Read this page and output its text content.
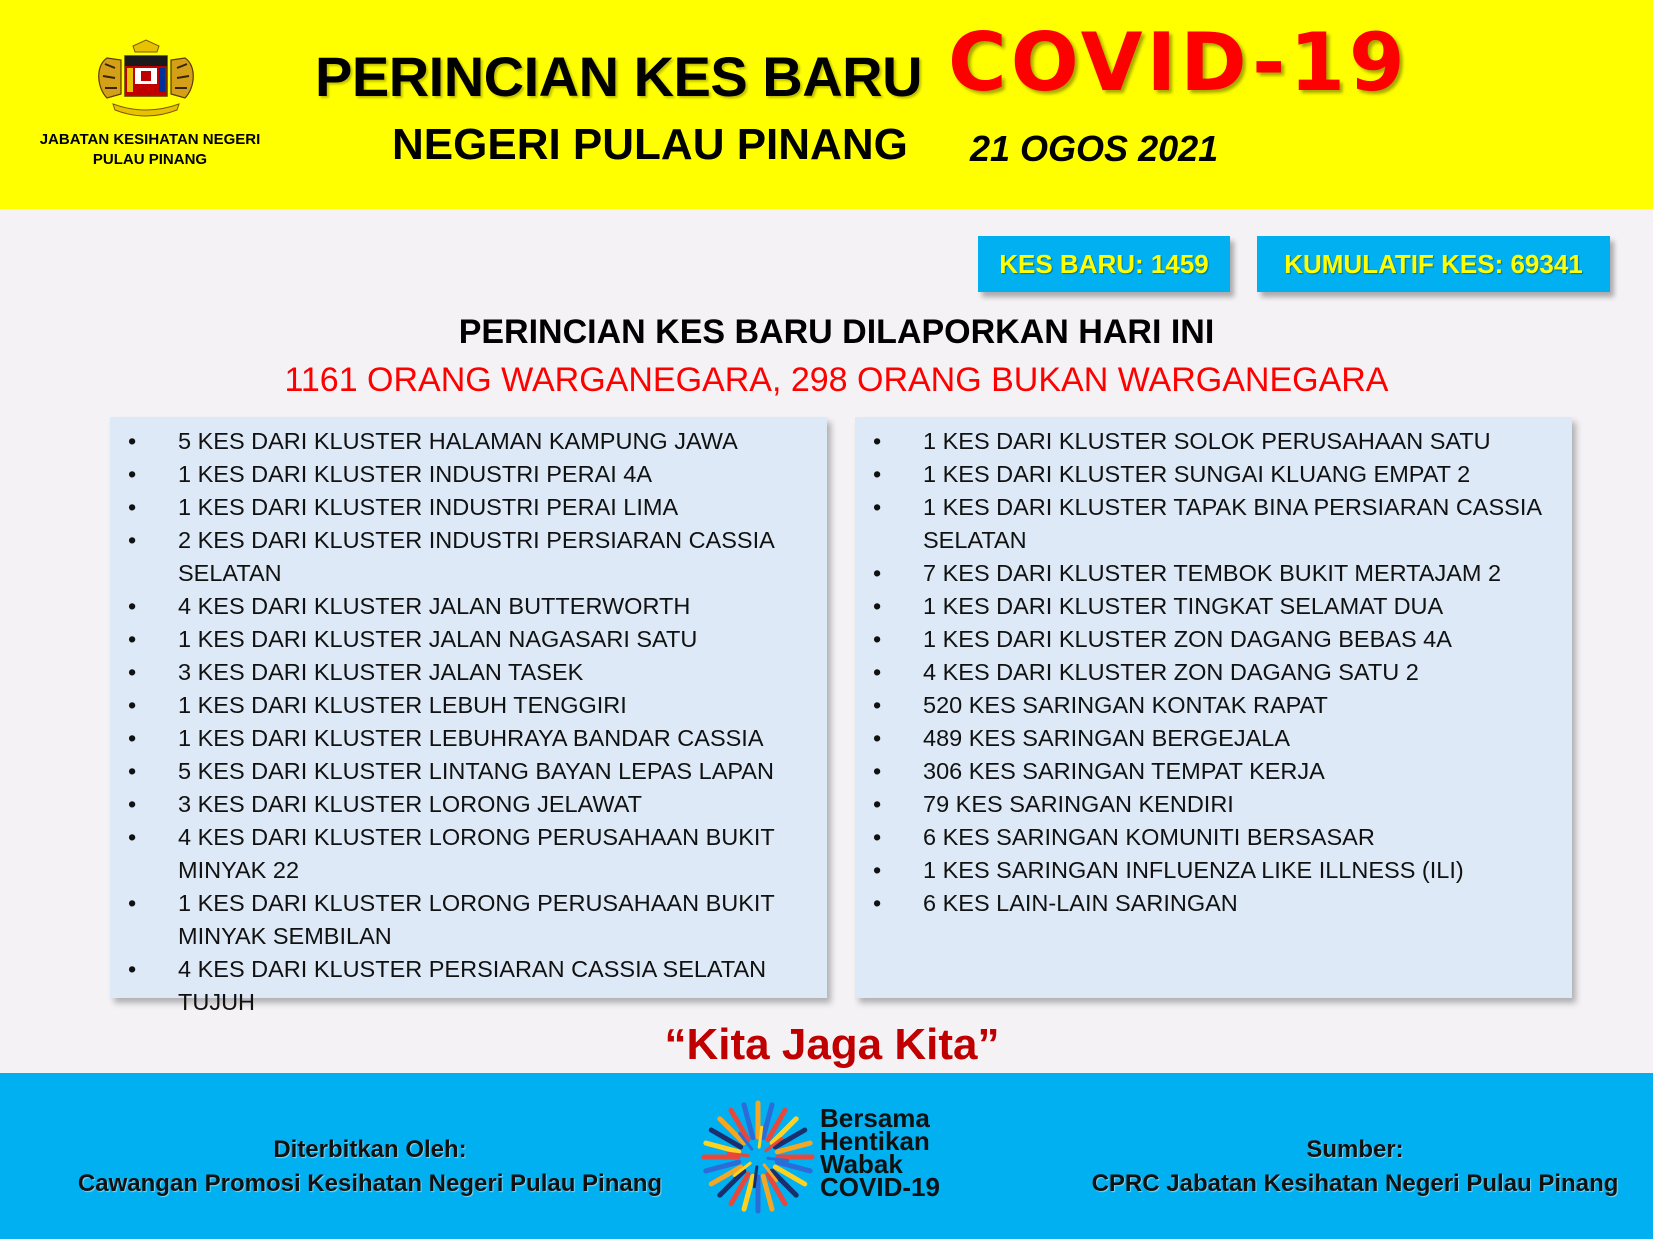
JABATAN KESIHATAN NEGERI
PULAU PINANG
PERINCIAN KES BARU COVID-19
NEGERI PULAU PINANG 21 OGOS 2021
KES BARU: 1459	KUMULATIF KES: 69341
PERINCIAN KES BARU DILAPORKAN HARI INI
1161 ORANG WARGANEGARA, 298 ORANG BUKAN WARGANEGARA
• 5 KES DARI KLUSTER HALAMAN KAMPUNG JAWA
• 1 KES DARI KLUSTER INDUSTRI PERAI 4A
• 1 KES DARI KLUSTER INDUSTRI PERAI LIMA
• 2 KES DARI KLUSTER INDUSTRI PERSIARAN CASSIA SELATAN
• 4 KES DARI KLUSTER JALAN BUTTERWORTH
• 1 KES DARI KLUSTER JALAN NAGASARI SATU
• 3 KES DARI KLUSTER JALAN TASEK
• 1 KES DARI KLUSTER LEBUH TENGGIRI
• 1 KES DARI KLUSTER LEBUHRAYA BANDAR CASSIA
• 5 KES DARI KLUSTER LINTANG BAYAN LEPAS LAPAN
• 3 KES DARI KLUSTER LORONG JELAWAT
• 4 KES DARI KLUSTER LORONG PERUSAHAAN BUKIT MINYAK 22
• 1 KES DARI KLUSTER LORONG PERUSAHAAN BUKIT MINYAK SEMBILAN
• 4 KES DARI KLUSTER PERSIARAN CASSIA SELATAN TUJUH
• 1 KES DARI KLUSTER SOLOK PERUSAHAAN SATU
• 1 KES DARI KLUSTER SUNGAI KLUANG EMPAT 2
• 1 KES DARI KLUSTER TAPAK BINA PERSIARAN CASSIA SELATAN
• 7 KES DARI KLUSTER TEMBOK BUKIT MERTAJAM 2
• 1 KES DARI KLUSTER TINGKAT SELAMAT DUA
• 1 KES DARI KLUSTER ZON DAGANG BEBAS 4A
• 4 KES DARI KLUSTER ZON DAGANG SATU 2
• 520 KES SARINGAN KONTAK RAPAT
• 489 KES SARINGAN BERGEJALA
• 306 KES SARINGAN TEMPAT KERJA
• 79 KES SARINGAN KENDIRI
• 6 KES SARINGAN KOMUNITI BERSASAR
• 1 KES SARINGAN INFLUENZA LIKE ILLNESS (ILI)
• 6 KES LAIN-LAIN SARINGAN
“Kita Jaga Kita”
Diterbitkan Oleh:
Cawangan Promosi Kesihatan Negeri Pulau Pinang
Bersama
Hentikan
Wabak
COVID-19
Sumber:
CPRC Jabatan Kesihatan Negeri Pulau Pinang
